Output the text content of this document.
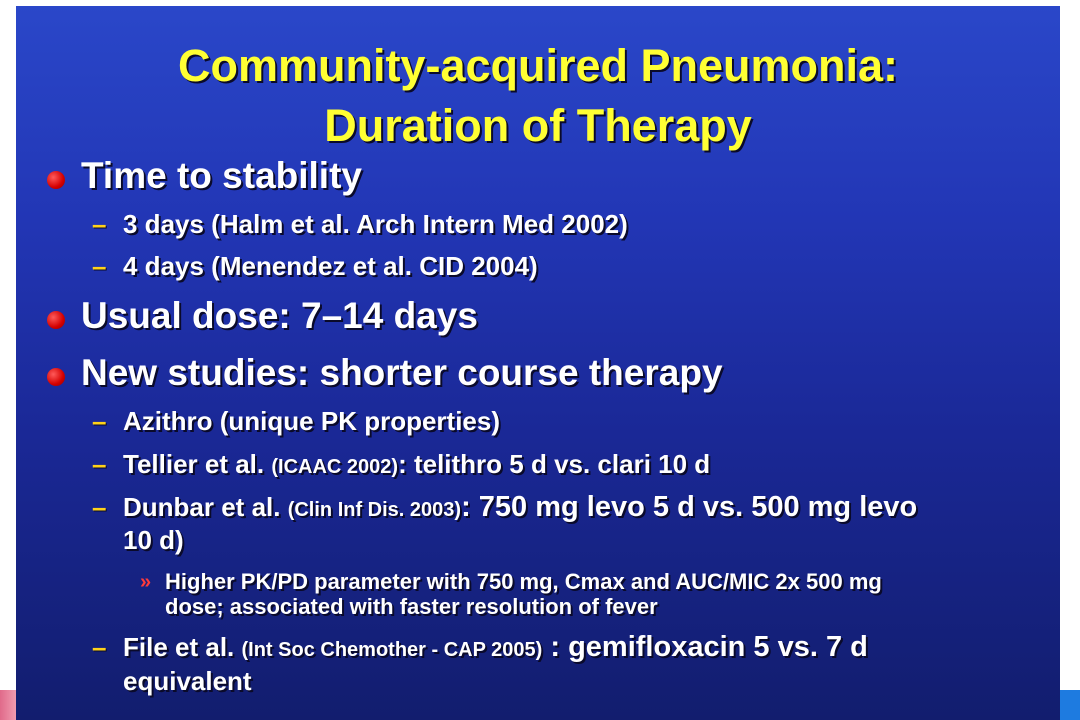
Community-acquired Pneumonia:
Duration of Therapy

Time to stability

– 3 days (Halm et al. Arch Intern Med 2002)

– 4 days (Menendez et al. CID 2004)

Usual dose: 7–14 days

New studies: shorter course therapy

– Azithro (unique PK properties)

– Tellier et al. (ICAAC 2002): telithro 5 d vs. clari 10 d

– Dunbar et al. (Clin Inf Dis. 2003): 750 mg levo 5 d vs. 500 mg levo

10 d)

» Higher PK/PD parameter with 750 mg, Cmax and AUC/MIC 2x 500 mg

dose; associated with faster resolution of fever

– File et al. (Int Soc Chemother - CAP 2005) : gemifloxacin 5 vs. 7 d

equivalent
